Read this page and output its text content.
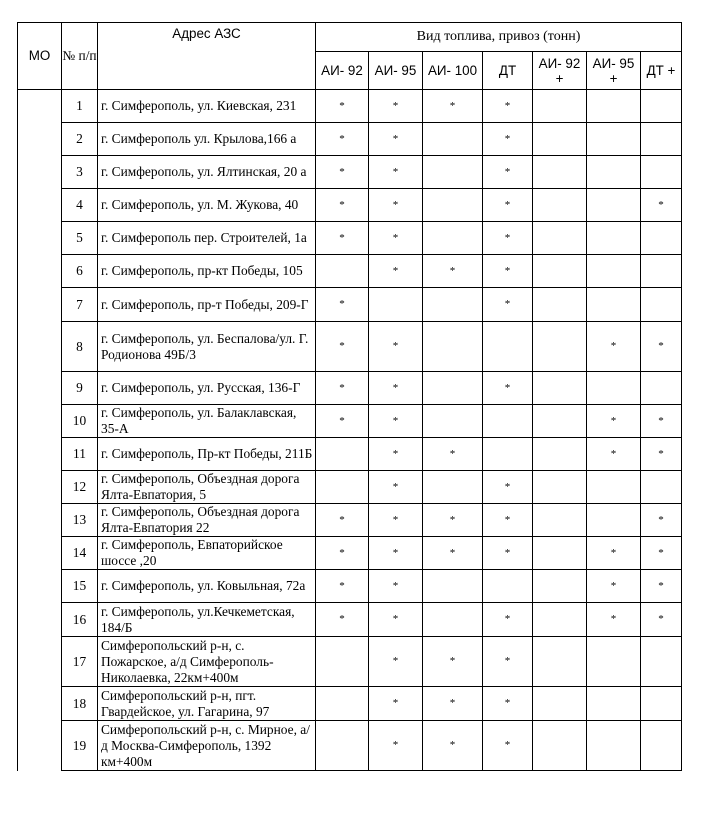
МО	№ п/п	Адрес АЗС	Вид топлива, привоз (тонн)						
			АИ- 92	АИ- 95	АИ- 100	ДТ	АИ- 92 +	АИ- 95 +	ДТ +
	1	г. Симферополь, ул. Киевская, 231	*	*	*	*			
	2	г. Симферополь ул. Крылова,166 а	*	*		*			
	3	г. Симферополь, ул. Ялтинская, 20 а	*	*		*			
	4	г. Симферополь, ул. М. Жукова, 40	*	*		*			*
	5	г. Симферополь пер. Строителей, 1а	*	*		*			
	6	г. Симферополь, пр-кт Победы, 105		*	*	*			
	7	г. Симферополь, пр-т Победы, 209-Г	*			*			
	8	г. Симферополь, ул. Беспалова/ул. Г. Родионова 49Б/3	*	*				*	*
	9	г. Симферополь, ул. Русская, 136-Г	*	*		*			
	10	г. Симферополь, ул. Балаклавская, 35-А	*	*				*	*
	11	г. Симферополь, Пр-кт Победы, 211Б		*	*			*	*
	12	г. Симферополь, Объездная дорога Ялта-Евпатория, 5		*		*			
	13	г. Симферополь, Объездная дорога Ялта-Евпатория 22	*	*	*	*			*
	14	г. Симферополь, Евпаторийское шоссе ,20	*	*	*	*		*	*
	15	г. Симферополь, ул. Ковыльная, 72а	*	*				*	*
	16	г. Симферополь, ул.Кечкеметская, 184/Б	*	*		*		*	*
	17	Симферопольский р-н, с. Пожарское, а/д Симферополь-Николаевка, 22км+400м		*	*	*			
	18	Симферопольский р-н, пгт. Гвардейское, ул. Гагарина, 97		*	*	*			
	19	Симферопольский р-н, с. Мирное, а/д Москва-Симферополь, 1392 км+400м		*	*	*			
